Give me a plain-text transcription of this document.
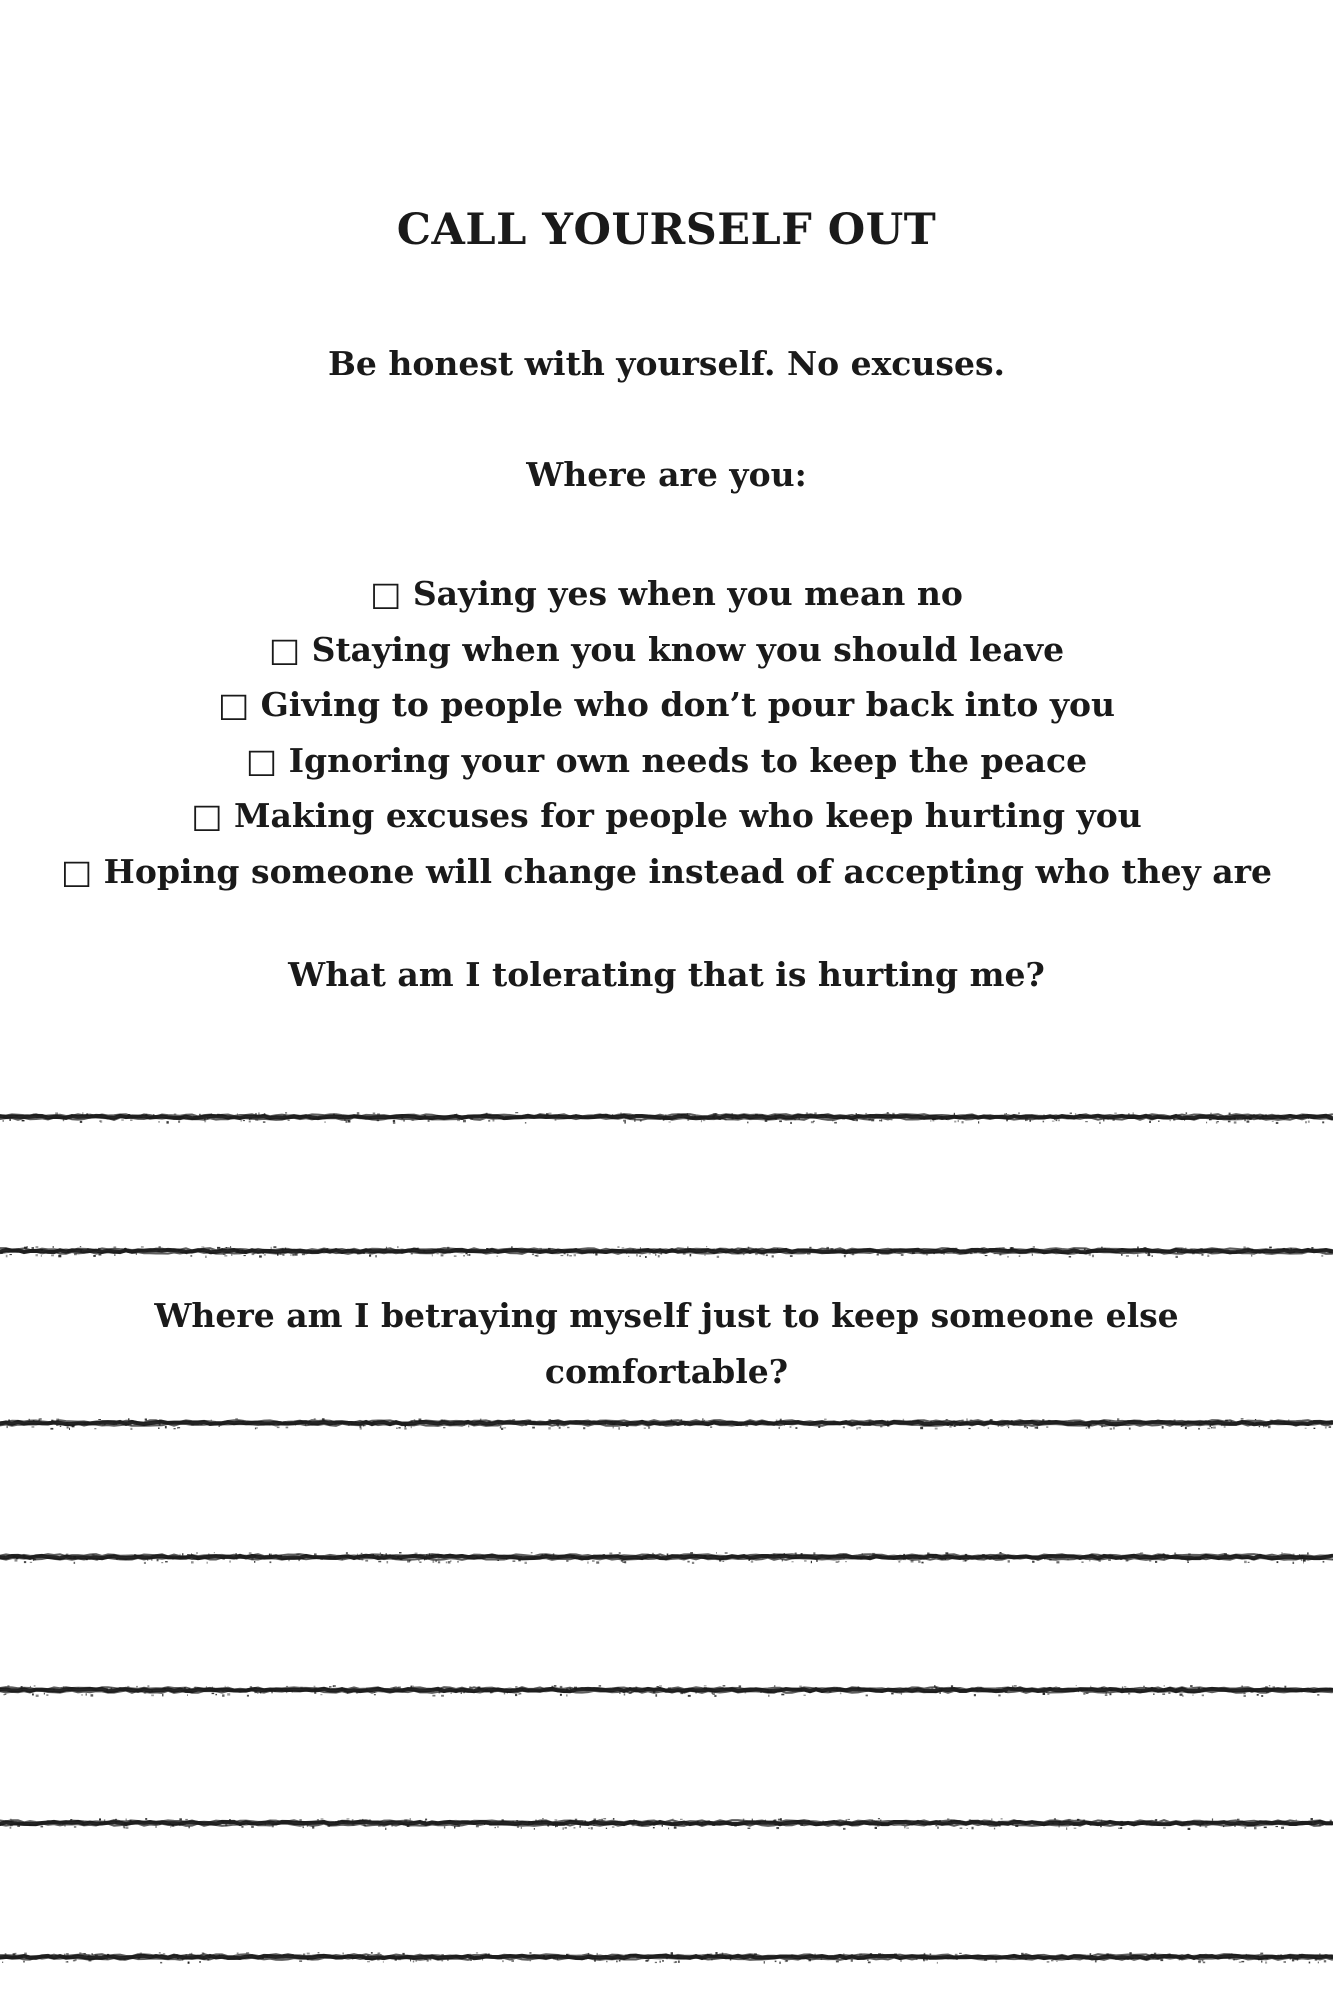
CALL YOURSELF OUT
Be honest with yourself. No excuses.
Where are you:
□ Saying yes when you mean no
□ Staying when you know you should leave
□ Giving to people who don’t pour back into you
□ Ignoring your own needs to keep the peace
□ Making excuses for people who keep hurting you
□ Hoping someone will change instead of accepting who they are
What am I tolerating that is hurting me?
Where am I betraying myself just to keep someone else
comfortable?
